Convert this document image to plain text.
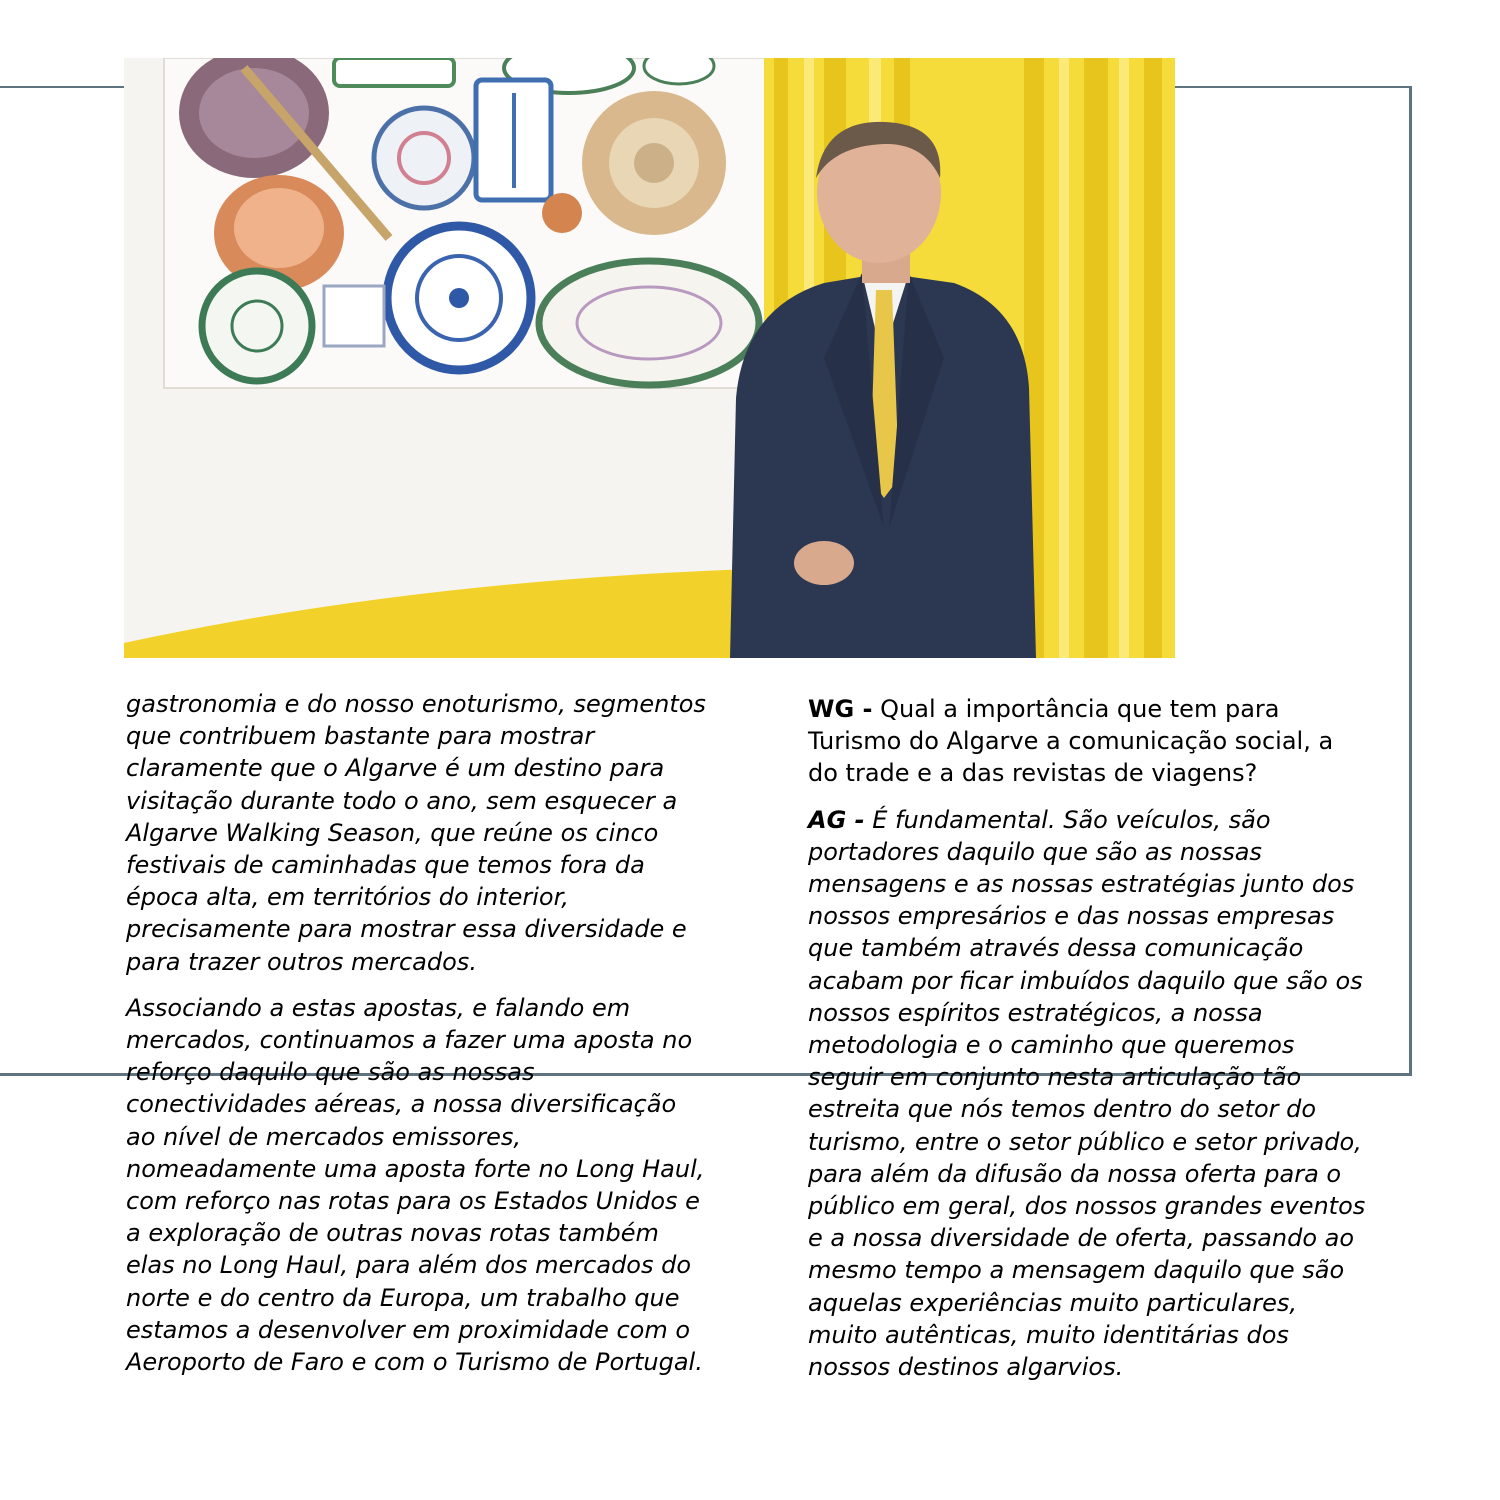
gastronomia e do nosso enoturismo, segmentos que contribuem bastante para mostrar claramente que o Algarve é um destino para visitação durante todo o ano, sem esquecer a Algarve Walking Season, que reúne os cinco festivais de caminhadas que temos fora da época alta, em territórios do interior, precisamente para mostrar essa diversidade e para trazer outros mercados.

Associando a estas apostas, e falando em mercados, continuamos a fazer uma aposta no reforço daquilo que são as nossas conectividades aéreas, a nossa diversificação ao nível de mercados emissores, nomeadamente uma aposta forte no Long Haul, com reforço nas rotas para os Estados Unidos e a exploração de outras novas rotas também elas no Long Haul, para além dos mercados do norte e do centro da Europa, um trabalho que estamos a desenvolver em proximidade com o Aeroporto de Faro e com o Turismo de Portugal.

WG - Qual a importância que tem para Turismo do Algarve a comunicação social, a do trade e a das revistas de viagens?

AG - É fundamental. São veículos, são portadores daquilo que são as nossas mensagens e as nossas estratégias junto dos nossos empresários e das nossas empresas que também através dessa comunicação acabam por ficar imbuídos daquilo que são os nossos espíritos estratégicos, a nossa metodologia e o caminho que queremos seguir em conjunto nesta articulação tão estreita que nós temos dentro do setor do turismo, entre o setor público e setor privado, para além da difusão da nossa oferta para o público em geral, dos nossos grandes eventos e a nossa diversidade de oferta, passando ao mesmo tempo a mensagem daquilo que são aquelas experiências muito particulares, muito autênticas, muito identitárias dos nossos destinos algarvios.
